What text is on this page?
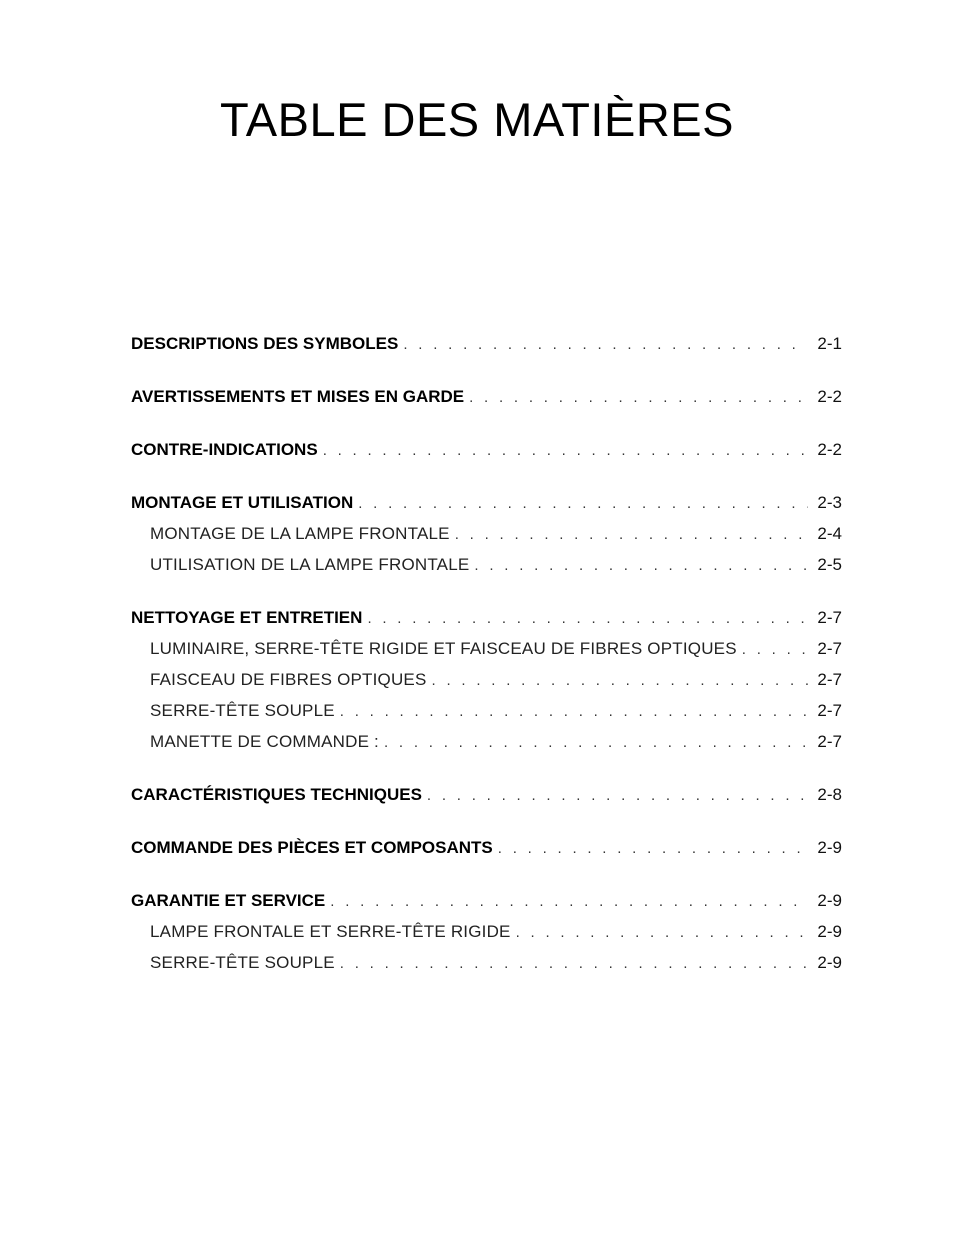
TABLE DES MATIÈRES
DESCRIPTIONS DES SYMBOLES . . .	2-1
AVERTISSEMENTS ET MISES EN GARDE . . .	2-2
CONTRE-INDICATIONS . . .	2-2
MONTAGE ET UTILISATION . . .	2-3
MONTAGE DE LA LAMPE FRONTALE . . .	2-4
UTILISATION DE LA LAMPE FRONTALE . . .	2-5
NETTOYAGE ET ENTRETIEN . . .	2-7
LUMINAIRE, SERRE-TÊTE RIGIDE ET FAISCEAU DE FIBRES OPTIQUES . . .	2-7
FAISCEAU DE FIBRES OPTIQUES . . .	2-7
SERRE-TÊTE SOUPLE . . .	2-7
MANETTE DE COMMANDE : . . .	2-7
CARACTÉRISTIQUES TECHNIQUES . . .	2-8
COMMANDE DES PIÈCES ET COMPOSANTS . . .	2-9
GARANTIE ET SERVICE . . .	2-9
LAMPE FRONTALE ET SERRE-TÊTE RIGIDE . . .	2-9
SERRE-TÊTE SOUPLE . . .	2-9
